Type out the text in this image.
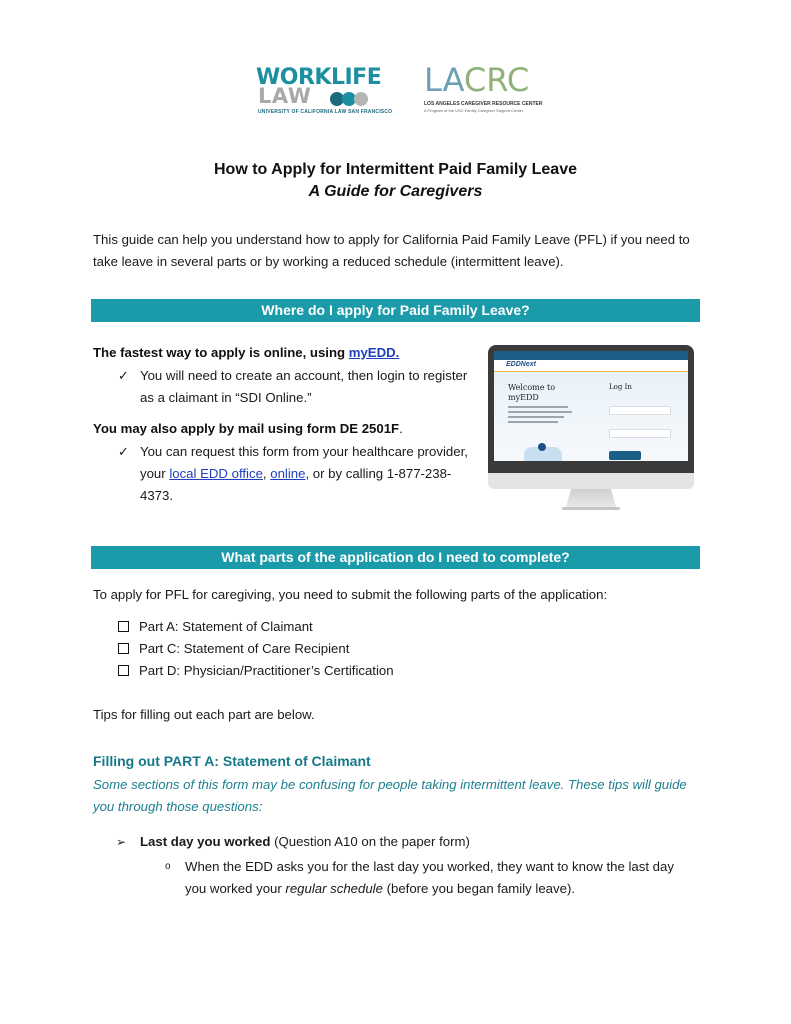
WORKLIFE
LAW
UNIVERSITY OF CALIFORNIA LAW SAN FRANCISCO
LACRC
LOS ANGELES CAREGIVER RESOURCE CENTER
A Program of the USC Family Caregiver Support Center
How to Apply for Intermittent Paid Family Leave
A Guide for Caregivers
This guide can help you understand how to apply for California Paid Family Leave (PFL) if you need to take leave in several parts or by working a reduced schedule (intermittent leave).
Where do I apply for Paid Family Leave?
The fastest way to apply is online, using myEDD.
✓ You will need to create an account, then login to register as a claimant in “SDI Online.”
You may also apply by mail using form DE 2501F.
✓ You can request this form from your healthcare provider, your local EDD office, online, or by calling 1-877-238-4373.
EDDNext
Welcome to myEDD
Log In
What parts of the application do I need to complete?
To apply for PFL for caregiving, you need to submit the following parts of the application:
Part A: Statement of Claimant
Part C: Statement of Care Recipient
Part D: Physician/Practitioner’s Certification
Tips for filling out each part are below.
Filling out PART A: Statement of Claimant
Some sections of this form may be confusing for people taking intermittent leave. These tips will guide you through those questions:
➢ Last day you worked (Question A10 on the paper form)
o	When the EDD asks you for the last day you worked, they want to know the last day you worked your regular schedule (before you began family leave).
